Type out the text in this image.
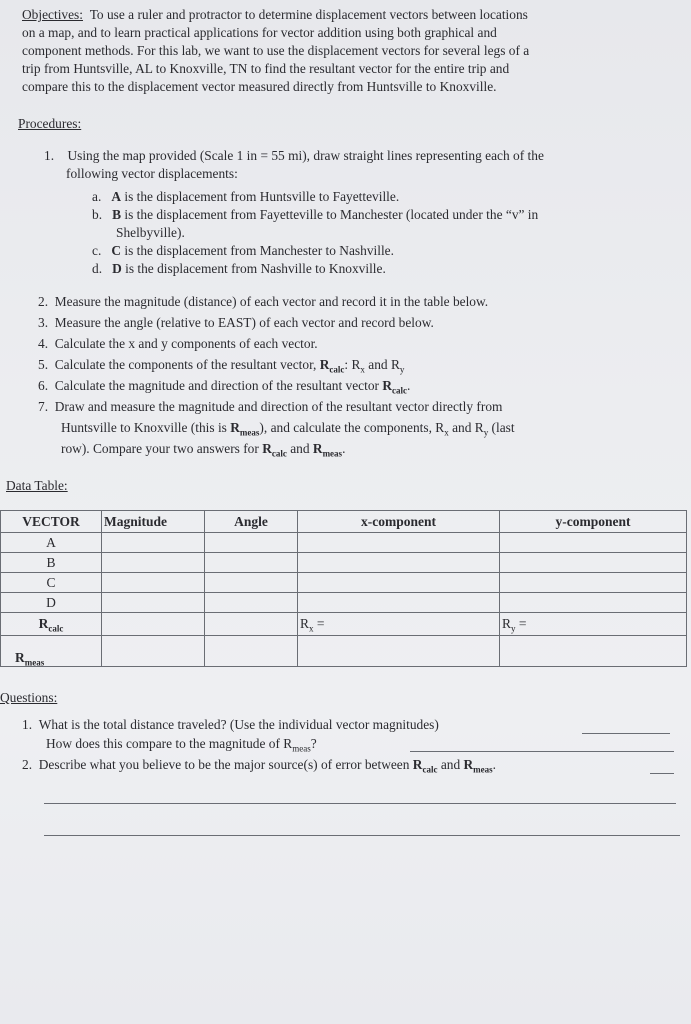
Objectives: To use a ruler and protractor to determine displacement vectors between locations
on a map, and to learn practical applications for vector addition using both graphical and
component methods. For this lab, we want to use the displacement vectors for several legs of a
trip from Huntsville, AL to Knoxville, TN to find the resultant vector for the entire trip and
compare this to the displacement vector measured directly from Huntsville to Knoxville.
Procedures:
1. Using the map provided (Scale 1 in = 55 mi), draw straight lines representing each of the
following vector displacements:
a. A is the displacement from Huntsville to Fayetteville.
b. B is the displacement from Fayetteville to Manchester (located under the “v” in
Shelbyville).
c. C is the displacement from Manchester to Nashville.
d. D is the displacement from Nashville to Knoxville.
2. Measure the magnitude (distance) of each vector and record it in the table below.
3. Measure the angle (relative to EAST) of each vector and record below.
4. Calculate the x and y components of each vector.
5. Calculate the components of the resultant vector, $R_{calc}$: $R_x$ and $R_y$
6. Calculate the magnitude and direction of the resultant vector $R_{calc}$.
7. Draw and measure the magnitude and direction of the resultant vector directly from
Huntsville to Knoxville (this is $R_{meas}$), and calculate the components, $R_x$ and $R_y$ (last
row). Compare your two answers for $R_{calc}$ and $R_{meas}$.
Data Table:
VECTOR	Magnitude	Angle	x-component	y-component
A				
B				
C				
D				
$R_{calc}$			$R_x$ =	$R_y$ =
$R_{meas}$				
Questions:
1. What is the total distance traveled? (Use the individual vector magnitudes)
How does this compare to the magnitude of $R_{meas}$?
2. Describe what you believe to be the major source(s) of error between $R_{calc}$ and $R_{meas}$.
